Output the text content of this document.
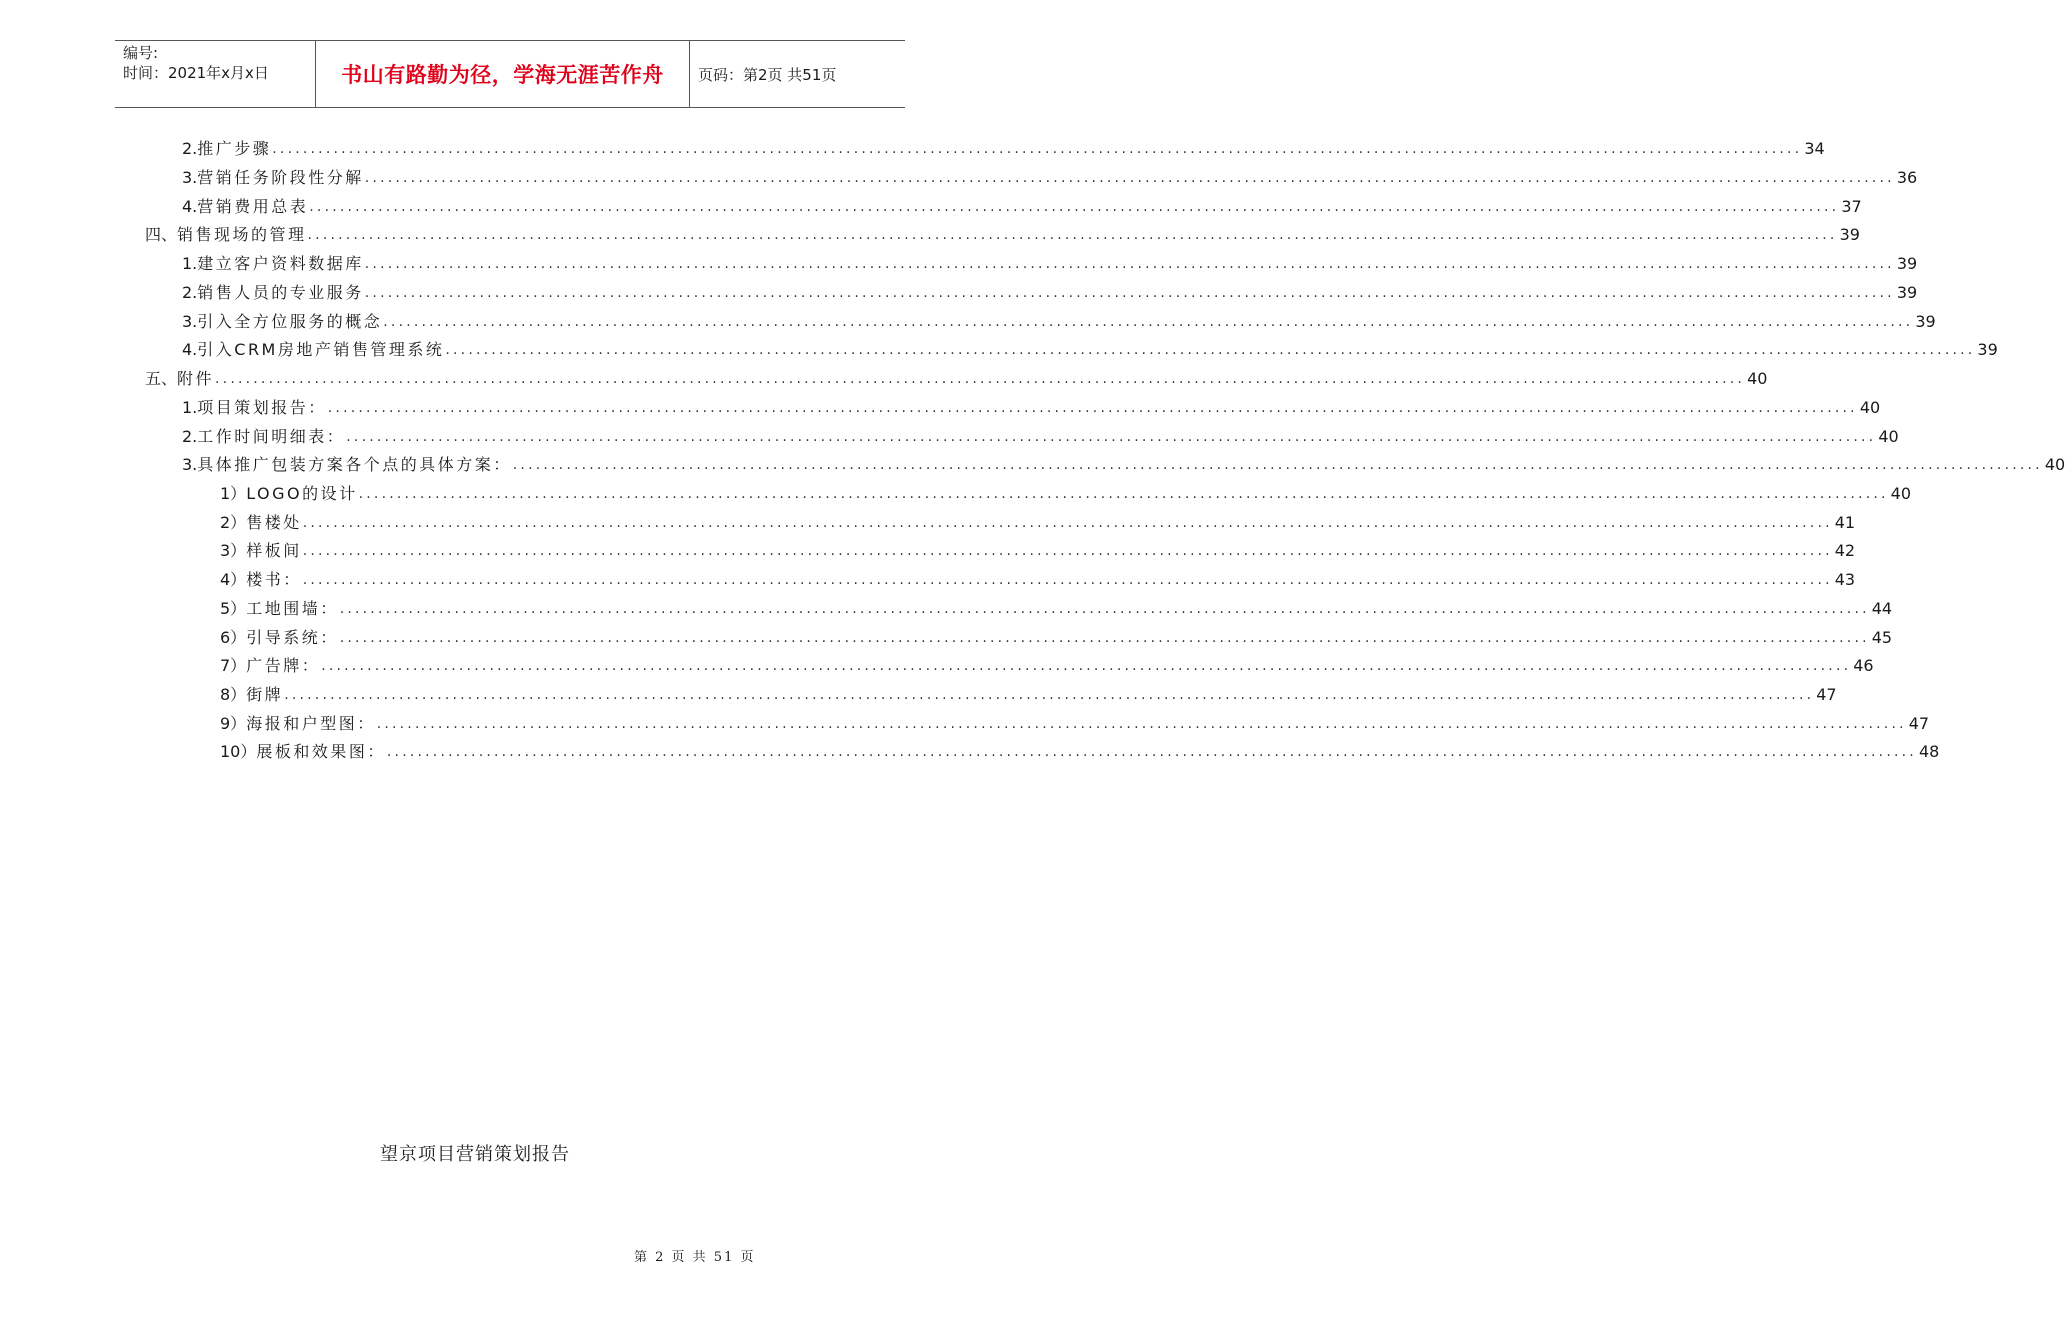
编号:
时间：2021年x月x日	书山有路勤为径，学海无涯苦作舟 页码：第2页 共51页
2. 推广步骤 ........................................................................................................................................................................................................ 34
3. 营销任务阶段性分解 ........................................................................................................................................................................................................ 36
4. 营销费用总表 ........................................................................................................................................................................................................ 37
四、 销售现场的管理 ........................................................................................................................................................................................................ 39
1. 建立客户资料数据库 ........................................................................................................................................................................................................ 39
2. 销售人员的专业服务 ........................................................................................................................................................................................................ 39
3. 引入全方位服务的概念 ........................................................................................................................................................................................................ 39
4. 引入CRM房地产销售管理系统 ........................................................................................................................................................................................................ 39
五、 附件 ........................................................................................................................................................................................................ 40
1. 项目策划报告： ........................................................................................................................................................................................................ 40
2. 工作时间明细表： ........................................................................................................................................................................................................ 40
3. 具体推广包装方案各个点的具体方案： ........................................................................................................................................................................................................ 40
1） LOGO的设计 ........................................................................................................................................................................................................ 40
2） 售楼处 ........................................................................................................................................................................................................ 41
3） 样板间 ........................................................................................................................................................................................................ 42
4） 楼书： ........................................................................................................................................................................................................ 43
5） 工地围墙： ........................................................................................................................................................................................................ 44
6） 引导系统： ........................................................................................................................................................................................................ 45
7） 广告牌： ........................................................................................................................................................................................................ 46
8） 街牌 ........................................................................................................................................................................................................ 47
9） 海报和户型图： ........................................................................................................................................................................................................ 47
10） 展板和效果图： ........................................................................................................................................................................................................ 48
望京项目营销策划报告
第 2 页 共 51 页
